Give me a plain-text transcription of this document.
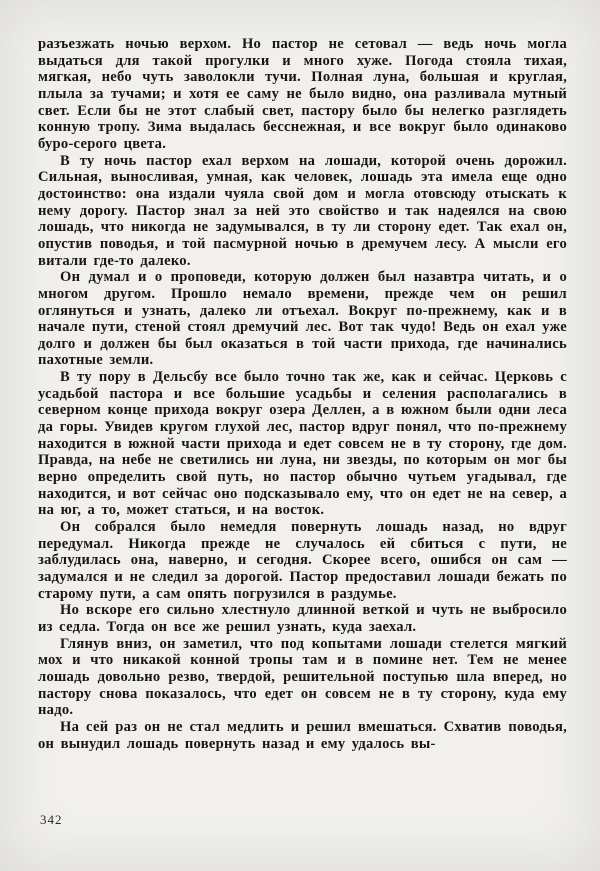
разъезжать ночью верхом. Но пастор не сетовал — ведь ночь могла выдаться для такой прогулки и много хуже. Погода стояла тихая, мягкая, небо чуть заволокли тучи. Полная луна, большая и круглая, плыла за тучами; и хотя ее саму не было видно, она разливала мутный свет. Если бы не этот слабый свет, пастору было бы нелегко разглядеть конную тропу. Зима выдалась бесснежная, и все вокруг было одинаково буро-серого цвета.

В ту ночь пастор ехал верхом на лошади, которой очень дорожил. Сильная, выносливая, умная, как человек, лошадь эта имела еще одно достоинство: она издали чуяла свой дом и могла отовсюду отыскать к нему дорогу. Пастор знал за ней это свойство и так надеялся на свою лошадь, что никогда не задумывался, в ту ли сторону едет. Так ехал он, опустив поводья, и той пасмурной ночью в дремучем лесу. А мысли его витали где-то далеко.

Он думал и о проповеди, которую должен был назавтра читать, и о многом другом. Прошло немало времени, прежде чем он решил оглянуться и узнать, далеко ли отъехал. Вокруг по-прежнему, как и в начале пути, стеной стоял дремучий лес. Вот так чудо! Ведь он ехал уже долго и должен бы был оказаться в той части прихода, где начинались пахотные земли.

В ту пору в Дельсбу все было точно так же, как и сейчас. Церковь с усадьбой пастора и все большие усадьбы и селения располагались в северном конце прихода вокруг озера Деллен, а в южном были одни леса да горы. Увидев кругом глухой лес, пастор вдруг понял, что по-прежнему находится в южной части прихода и едет совсем не в ту сторону, где дом. Правда, на небе не светились ни луна, ни звезды, по которым он мог бы верно определить свой путь, но пастор обычно чутьем угадывал, где находится, и вот сейчас оно подсказывало ему, что он едет не на север, а на юг, а то, может статься, и на восток.

Он собрался было немедля повернуть лошадь назад, но вдруг передумал. Никогда прежде не случалось ей сбиться с пути, не заблудилась она, наверно, и сегодня. Скорее всего, ошибся он сам — задумался и не следил за дорогой. Пастор предоставил лошади бежать по старому пути, а сам опять погрузился в раздумье.

Но вскоре его сильно хлестнуло длинной веткой и чуть не выбросило из седла. Тогда он все же решил узнать, куда заехал.

Глянув вниз, он заметил, что под копытами лошади стелется мягкий мох и что никакой конной тропы там и в помине нет. Тем не менее лошадь довольно резво, твердой, решительной поступью шла вперед, но пастору снова показалось, что едет он совсем не в ту сторону, куда ему надо.

На сей раз он не стал медлить и решил вмешаться. Схватив поводья, он вынудил лошадь повернуть назад и ему удалось вы-

342
